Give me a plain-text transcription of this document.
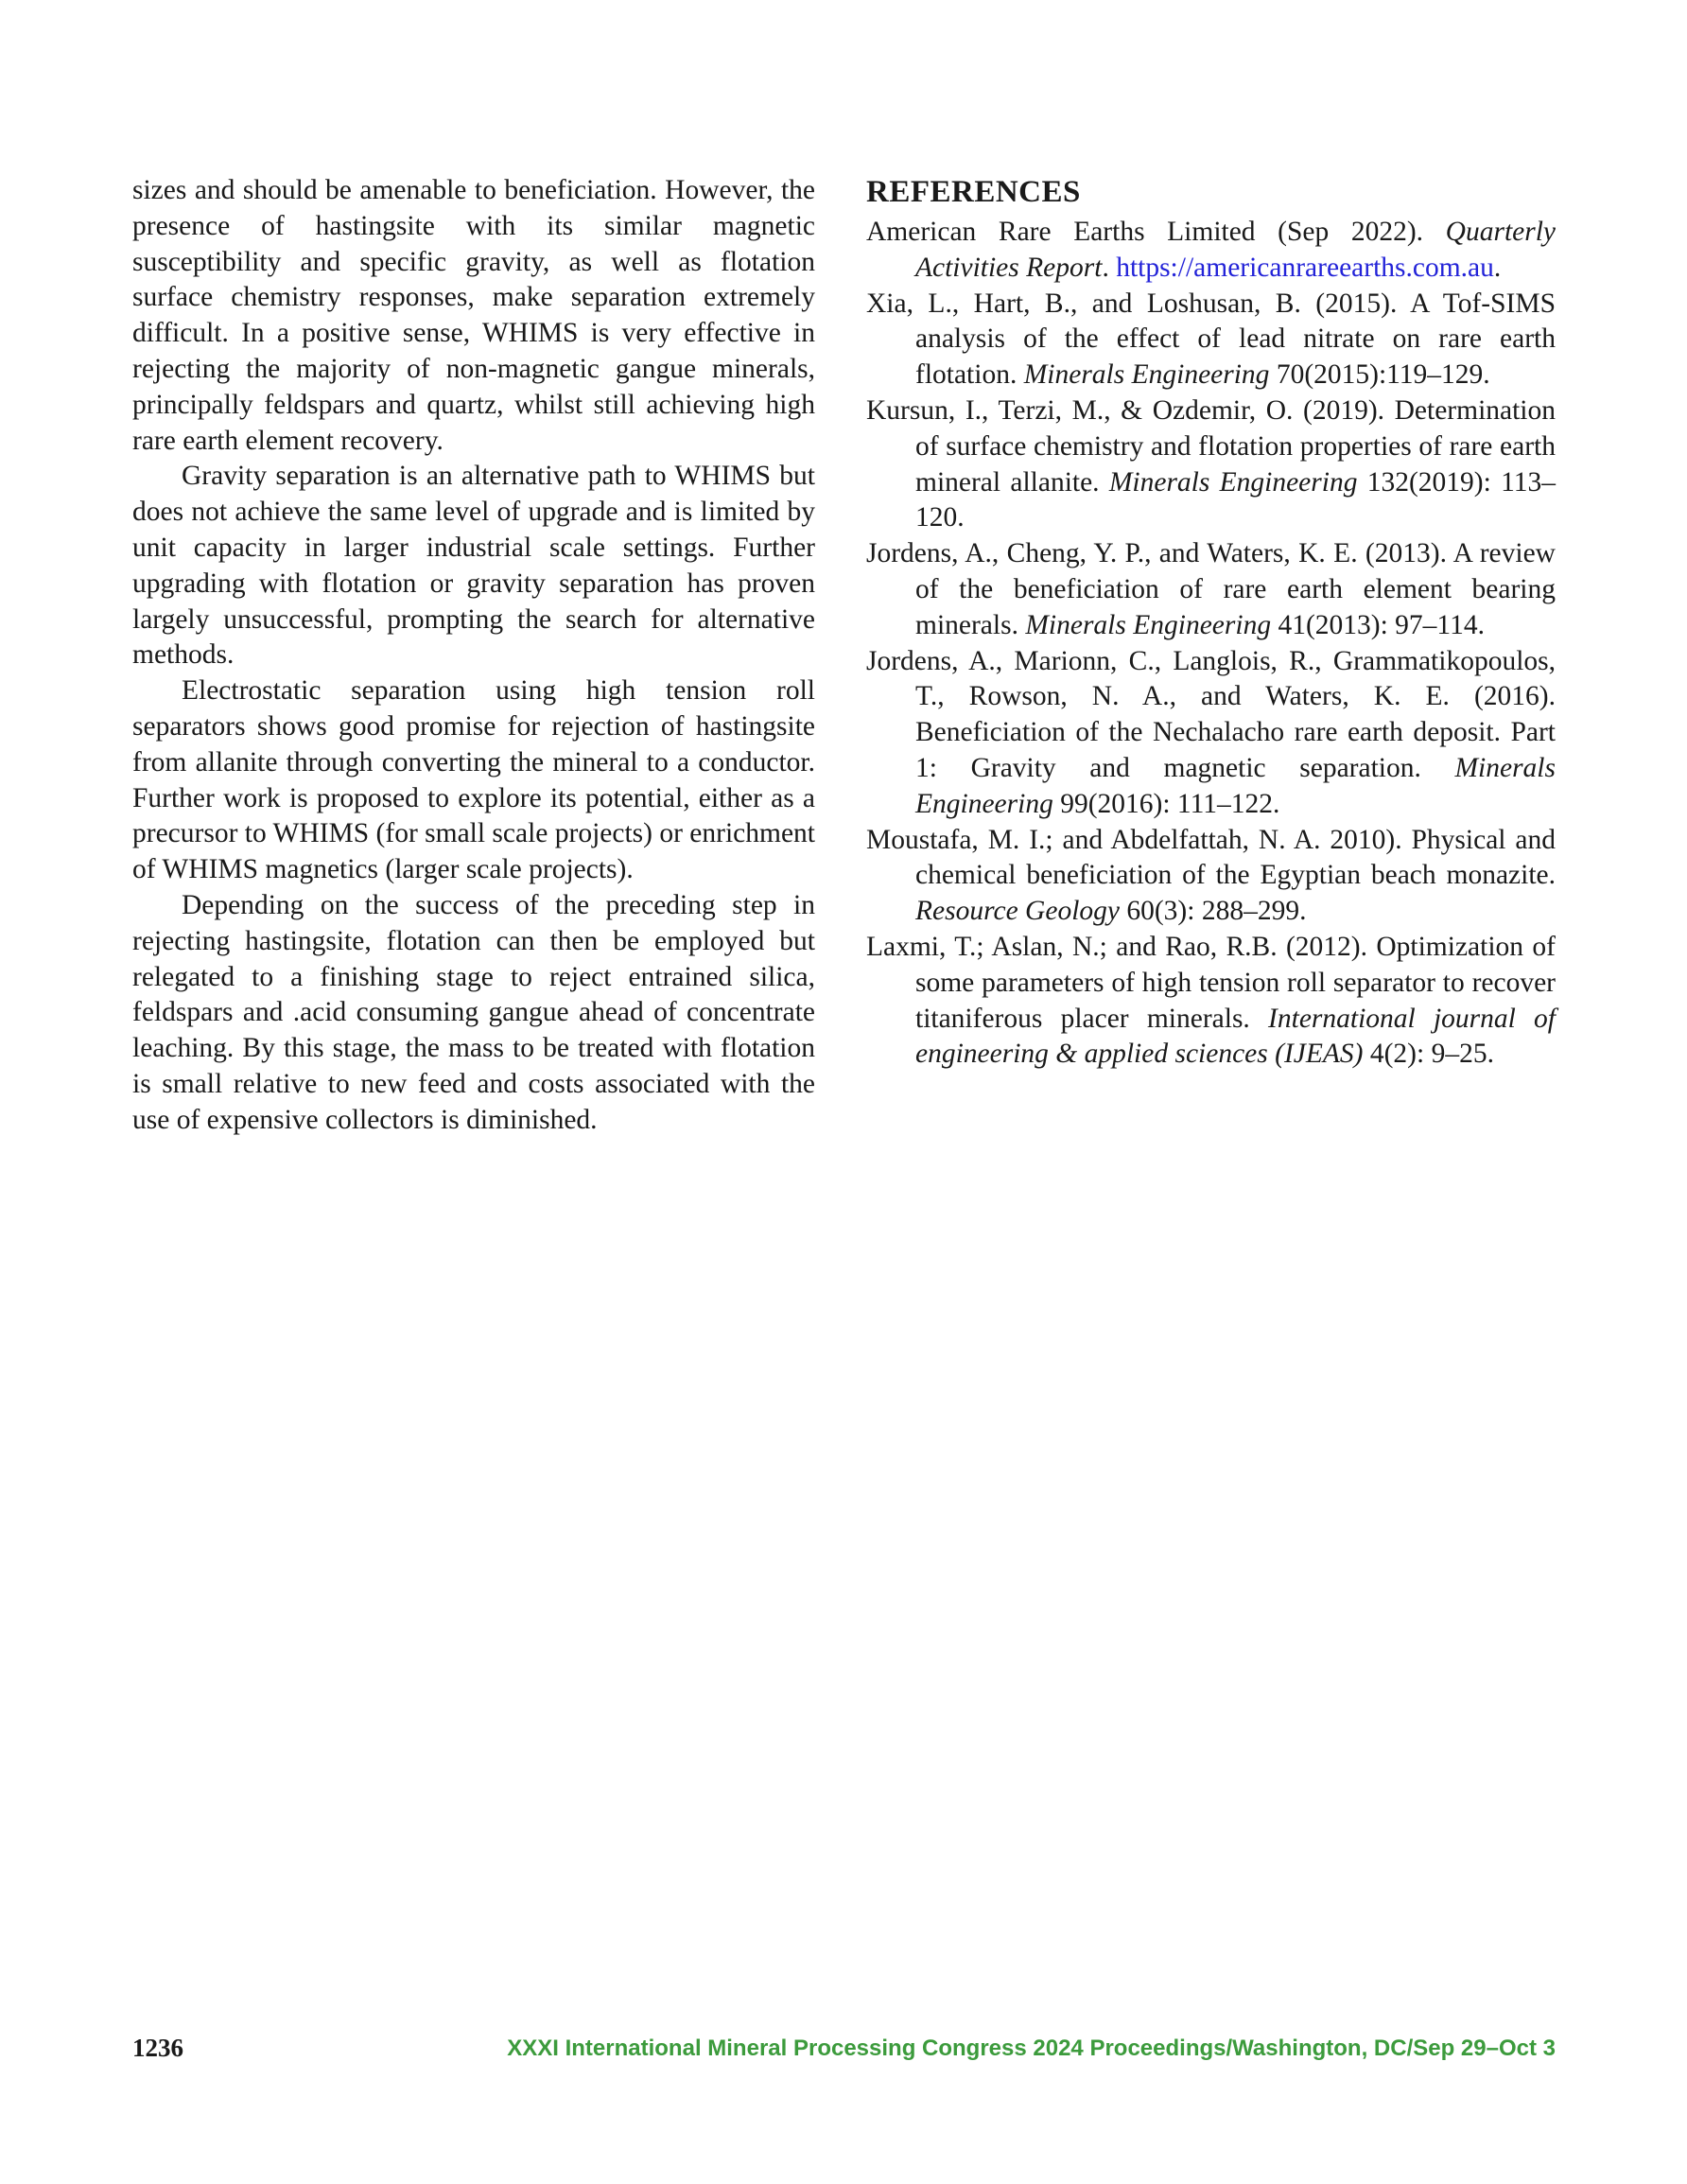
sizes and should be amenable to beneficiation. However, the presence of hastingsite with its similar magnetic susceptibility and specific gravity, as well as flotation surface chemistry responses, make separation extremely difficult. In a positive sense, WHIMS is very effective in rejecting the majority of non-magnetic gangue minerals, principally feldspars and quartz, whilst still achieving high rare earth element recovery.

Gravity separation is an alternative path to WHIMS but does not achieve the same level of upgrade and is limited by unit capacity in larger industrial scale settings. Further upgrading with flotation or gravity separation has proven largely unsuccessful, prompting the search for alternative methods.

Electrostatic separation using high tension roll separators shows good promise for rejection of hastingsite from allanite through converting the mineral to a conductor. Further work is proposed to explore its potential, either as a precursor to WHIMS (for small scale projects) or enrichment of WHIMS magnetics (larger scale projects).

Depending on the success of the preceding step in rejecting hastingsite, flotation can then be employed but relegated to a finishing stage to reject entrained silica, feldspars and .acid consuming gangue ahead of concentrate leaching. By this stage, the mass to be treated with flotation is small relative to new feed and costs associated with the use of expensive collectors is diminished.

REFERENCES

American Rare Earths Limited (Sep 2022). Quarterly Activities Report. https://americanrareearths.com.au.

Xia, L., Hart, B., and Loshusan, B. (2015). A Tof-SIMS analysis of the effect of lead nitrate on rare earth flotation. Minerals Engineering 70(2015):119–129.

Kursun, I., Terzi, M., & Ozdemir, O. (2019). Determination of surface chemistry and flotation properties of rare earth mineral allanite. Minerals Engineering 132(2019): 113–120.

Jordens, A., Cheng, Y. P., and Waters, K. E. (2013). A review of the beneficiation of rare earth element bearing minerals. Minerals Engineering 41(2013): 97–114.

Jordens, A., Marionn, C., Langlois, R., Grammatikopoulos, T., Rowson, N. A., and Waters, K. E. (2016). Beneficiation of the Nechalacho rare earth deposit. Part 1: Gravity and magnetic separation. Minerals Engineering 99(2016): 111–122.

Moustafa, M. I.; and Abdelfattah, N. A. 2010). Physical and chemical beneficiation of the Egyptian beach monazite. Resource Geology 60(3): 288–299.

Laxmi, T.; Aslan, N.; and Rao, R.B. (2012). Optimization of some parameters of high tension roll separator to recover titaniferous placer minerals. International journal of engineering & applied sciences (IJEAS) 4(2): 9–25.

1236	XXXI International Mineral Processing Congress 2024 Proceedings/Washington, DC/Sep 29–Oct 3
